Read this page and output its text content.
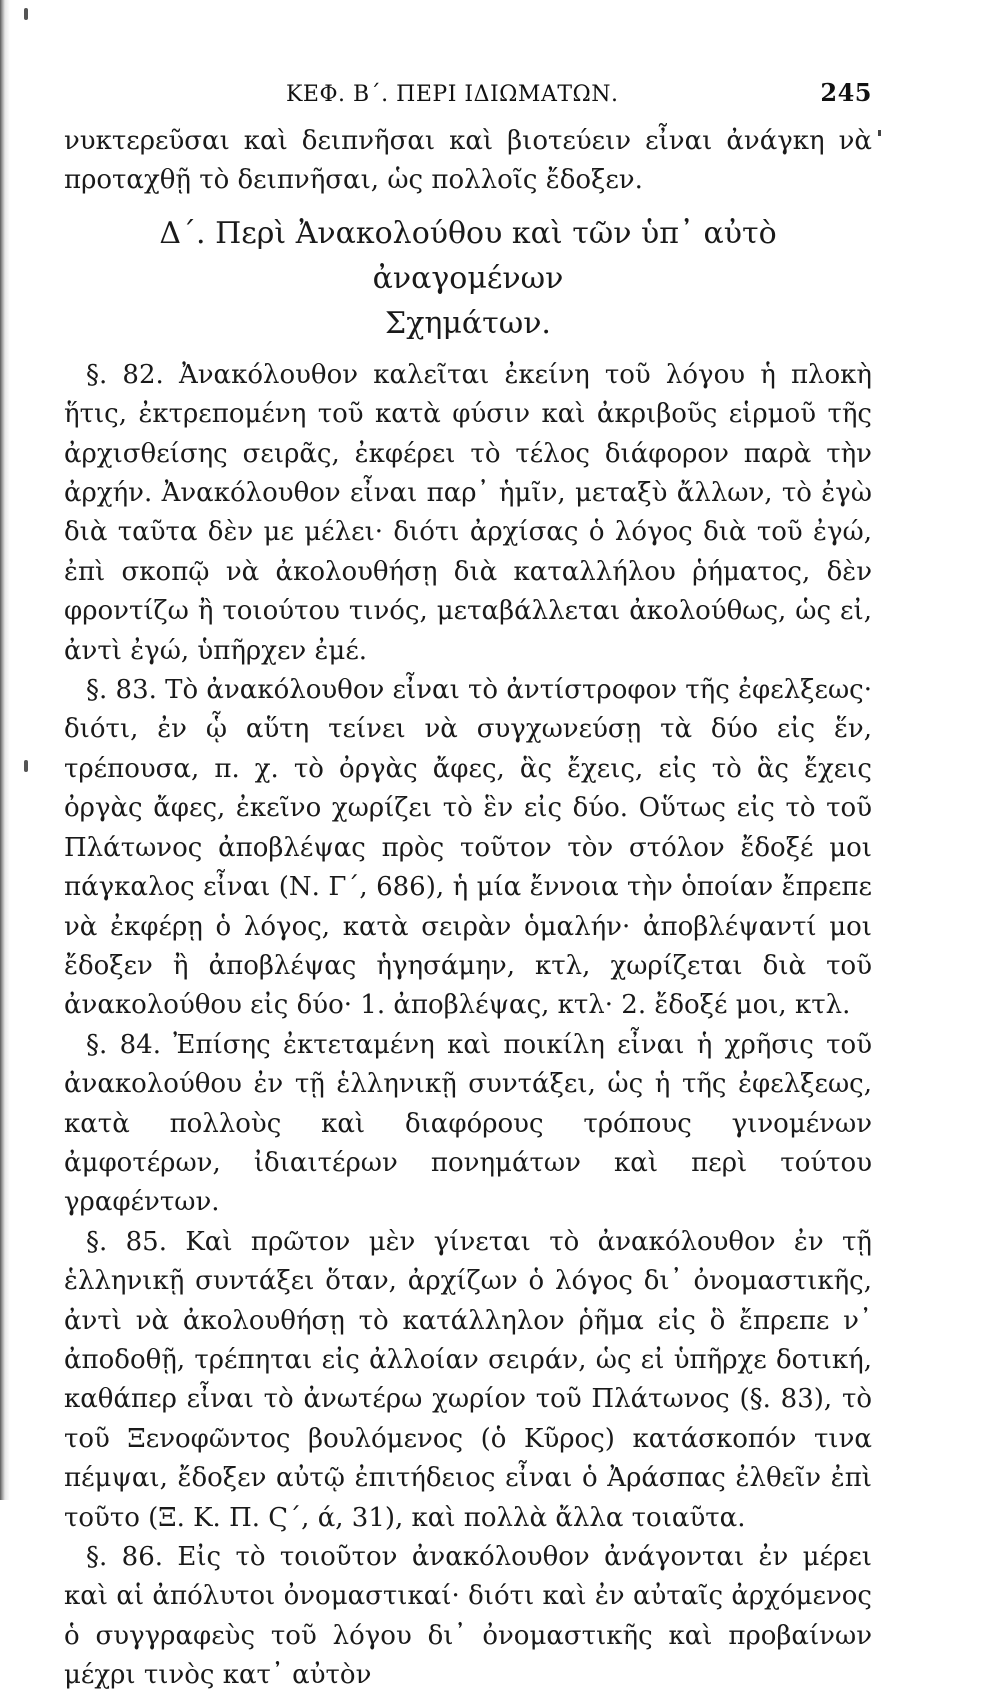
ΚΕΦ. Β΄. ΠΕΡΙ ΙΔΙΩΜΑΤΩΝ.	245

νυκτερεῦσαι καὶ δειπνῆσαι καὶ βιοτεύειν εἶναι ἀνάγκη νὰ προταχθῇ τὸ δειπνῆσαι, ὡς πολλοῖς ἔδοξεν.

Δ΄. Περὶ Ἀνακολούθου καὶ τῶν ὑπ᾽ αὐτὸ ἀναγομένων
Σχημάτων.

§. 82. Ἀνακόλουθον καλεῖται ἐκείνη τοῦ λόγου ἡ πλοκὴ ἥτις, ἐκτρεπομένη τοῦ κατὰ φύσιν καὶ ἀκριβοῦς εἱρμοῦ τῆς ἀρχισθείσης σειρᾶς, ἐκφέρει τὸ τέλος διάφορον παρὰ τὴν ἀρχήν. Ἀνακόλουθον εἶναι παρ᾽ ἡμῖν, μεταξὺ ἄλλων, τὸ ἐγὼ διὰ ταῦτα δὲν με μέλει· διότι ἀρχίσας ὁ λόγος διὰ τοῦ ἐγώ, ἐπὶ σκοπῷ νὰ ἀκολουθήσῃ διὰ καταλλήλου ῥήματος, δὲν φροντίζω ἢ τοιούτου τινός, μεταβάλλεται ἀκολούθως, ὡς εἰ, ἀντὶ ἐγώ, ὑπῆρχεν ἐμέ.

§. 83. Τὸ ἀνακόλουθον εἶναι τὸ ἀντίστροφον τῆς ἐφελξεως· διότι, ἐν ᾧ αὕτη τείνει νὰ συγχωνεύσῃ τὰ δύο εἰς ἕν, τρέπουσα, π. χ. τὸ ὀργὰς ἄφες, ἃς ἔχεις, εἰς τὸ ἃς ἔχεις ὀργὰς ἄφες, ἐκεῖνο χωρίζει τὸ ἓν εἰς δύο. Οὕτως εἰς τὸ τοῦ Πλάτωνος ἀποβλέψας πρὸς τοῦτον τὸν στόλον ἔδοξέ μοι πάγκαλος εἶναι (Ν. Γ΄, 686), ἡ μία ἔννοια τὴν ὁποίαν ἔπρεπε νὰ ἐκφέρῃ ὁ λόγος, κατὰ σειρὰν ὁμαλήν· ἀποβλέψαντί μοι ἔδοξεν ἢ ἀποβλέψας ἡγησάμην, κτλ, χωρίζεται διὰ τοῦ ἀνακολούθου εἰς δύο· 1. ἀποβλέψας, κτλ· 2. ἔδοξέ μοι, κτλ.

§. 84. Ἐπίσης ἐκτεταμένη καὶ ποικίλη εἶναι ἡ χρῆσις τοῦ ἀνακολούθου ἐν τῇ ἑλληνικῇ συντάξει, ὡς ἡ τῆς ἐφελξεως, κατὰ πολλοὺς καὶ διαφόρους τρόπους γινομένων ἀμφοτέρων, ἰδιαιτέρων πονημάτων καὶ περὶ τούτου γραφέντων.

§. 85. Καὶ πρῶτον μὲν γίνεται τὸ ἀνακόλουθον ἐν τῇ ἑλληνικῇ συντάξει ὅταν, ἀρχίζων ὁ λόγος δι᾽ ὀνομαστικῆς, ἀντὶ νὰ ἀκολουθήσῃ τὸ κατάλληλον ῥῆμα εἰς ὃ ἔπρεπε ν᾽ ἀποδοθῇ, τρέπηται εἰς ἀλλοίαν σειράν, ὡς εἰ ὑπῆρχε δοτική, καθάπερ εἶναι τὸ ἀνωτέρω χωρίον τοῦ Πλάτωνος (§. 83), τὸ τοῦ Ξενοφῶντος βουλόμενος (ὁ Κῦρος) κατάσκοπόν τινα πέμψαι, ἔδοξεν αὐτῷ ἐπιτήδειος εἶναι ὁ Ἀράσπας ἐλθεῖν ἐπὶ τοῦτο (Ξ. Κ. Π. Ϛ΄, ά, 31), καὶ πολλὰ ἄλλα τοιαῦτα.

§. 86. Εἰς τὸ τοιοῦτον ἀνακόλουθον ἀνάγονται ἐν μέρει καὶ αἱ ἀπόλυτοι ὀνομαστικαί· διότι καὶ ἐν αὐταῖς ἀρχόμενος ὁ συγγραφεὺς τοῦ λόγου δι᾽ ὀνομαστικῆς καὶ προβαίνων μέχρι τινὸς κατ᾽ αὐτὸν
